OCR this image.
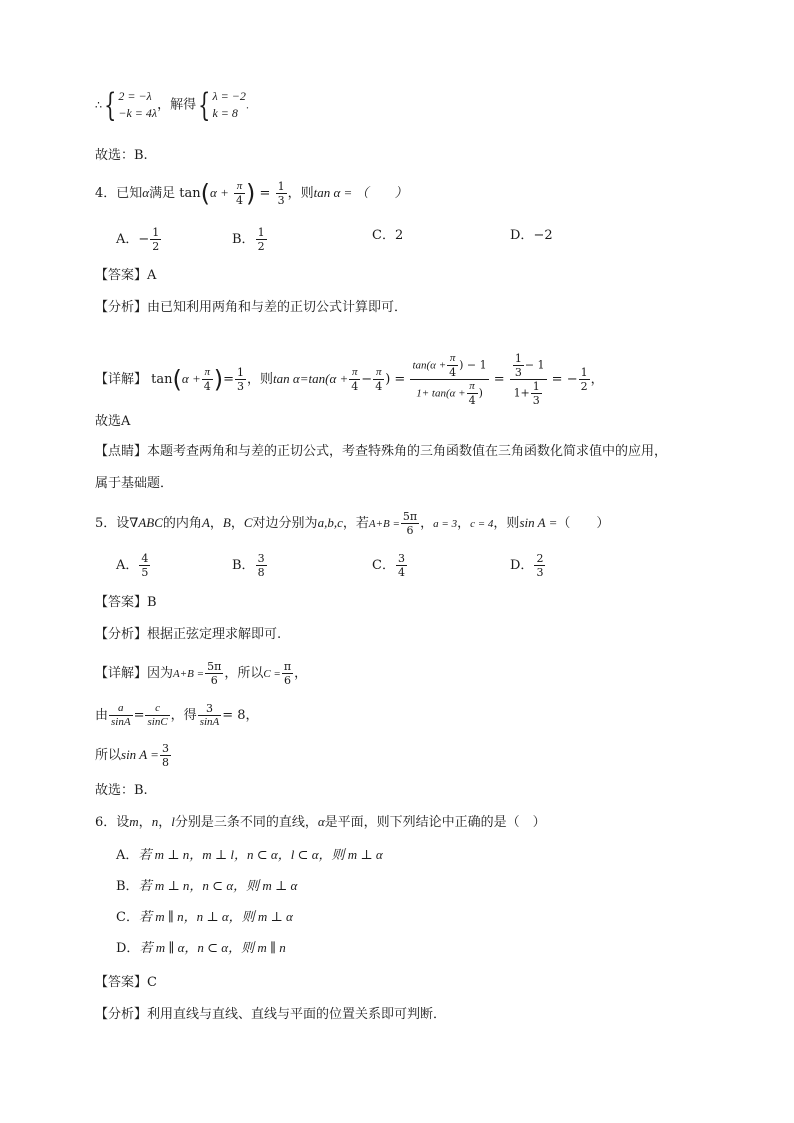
∴{ 2 = −λ
−k = 4λ
，解得{ λ = −2
k = 8 .
故选：B.
4．已知α满足 $\tan(\alpha + \frac{\pi}{4}$ ) = $\frac{1}{3}$ ，则tan α = （　　）
A．− $\frac{1}{2}$	B． $\frac{1}{2}$	C．2	D．−2
【答案】A
【分析】由已知利用两角和与差的正切公式计算即可．
【详解】 $\tan(\alpha + \frac{\pi}{4}$ )= $\frac{1}{3}$ ，则$\tan \alpha=\tan(\alpha + \frac{\pi}{4} - \frac{\pi}{4}$ ) = $\frac{\tan(\alpha + \frac{\pi}{4} ) - 1}{1+ \tan(\alpha + \frac{\pi}{4} )} = \frac{\frac{1}{3} - 1}{1+ \frac{1}{3}}$ = − $\frac{1}{2}$ ，
故选A
【点睛】本题考查两角和与差的正切公式，考查特殊角的三角函数值在三角函数化简求值中的应用，
属于基础题．
5．设∇ABC的内角A，B，C对边分别为a,b,c，若$A+B = \frac{5\pi}{6}$ ，a = 3，c = 4，则sin A =（　　）
A． $\frac{4}{5}$	B． $\frac{3}{8}$	C． $\frac{3}{4}$	D． $\frac{2}{3}$
【答案】B
【分析】根据正弦定理求解即可.
【详解】因为$A+B = \frac{5\pi}{6}$ ，所以$C = \frac{\pi}{6}$ ，
由 $\frac{a}{\sin A} = \frac{c}{\sin C}$ ，得 $\frac{3}{\sin A} = 8$，
所以$\sin A = \frac{3}{8}$
故选：B.
6．设m，n，l分别是三条不同的直线，α是平面，则下列结论中正确的是（　）
A．若 m ⊥ n，m ⊥ l，n ⊂ α，l ⊂ α，则 m ⊥ α
B．若 m ⊥ n，n ⊂ α，则 m ⊥ α
C．若 m ∥ n，n ⊥ α，则 m ⊥ α
D．若 m ∥ α，n ⊂ α，则 m ∥ n
【答案】C
【分析】利用直线与直线、直线与平面的位置关系即可判断．
